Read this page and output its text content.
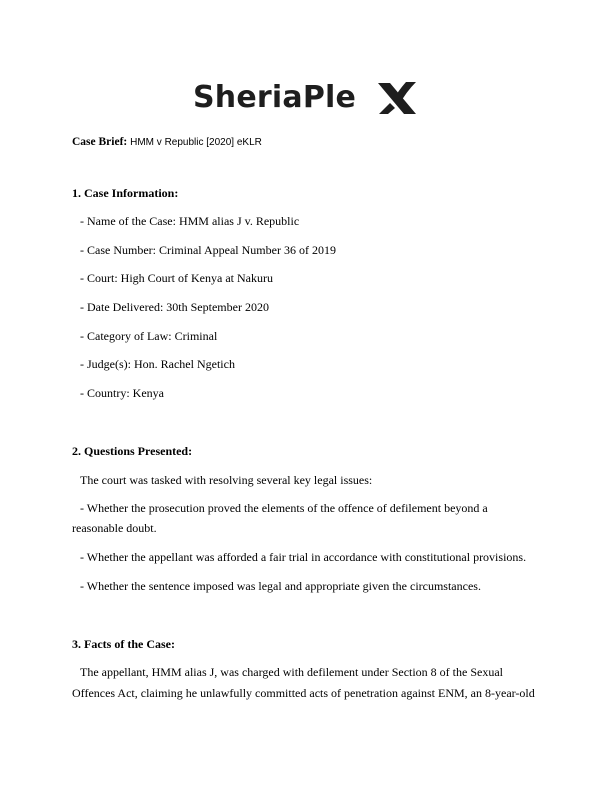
SheriaPle
Case Brief: HMM v Republic [2020] eKLR
1. Case Information:
- Name of the Case: HMM alias J v. Republic
- Case Number: Criminal Appeal Number 36 of 2019
- Court: High Court of Kenya at Nakuru
- Date Delivered: 30th September 2020
- Category of Law: Criminal
- Judge(s): Hon. Rachel Ngetich
- Country: Kenya
2. Questions Presented:
The court was tasked with resolving several key legal issues:
- Whether the prosecution proved the elements of the offence of defilement beyond a
reasonable doubt.
- Whether the appellant was afforded a fair trial in accordance with constitutional provisions.
- Whether the sentence imposed was legal and appropriate given the circumstances.
3. Facts of the Case:
The appellant, HMM alias J, was charged with defilement under Section 8 of the Sexual
Offences Act, claiming he unlawfully committed acts of penetration against ENM, an 8-year-old
